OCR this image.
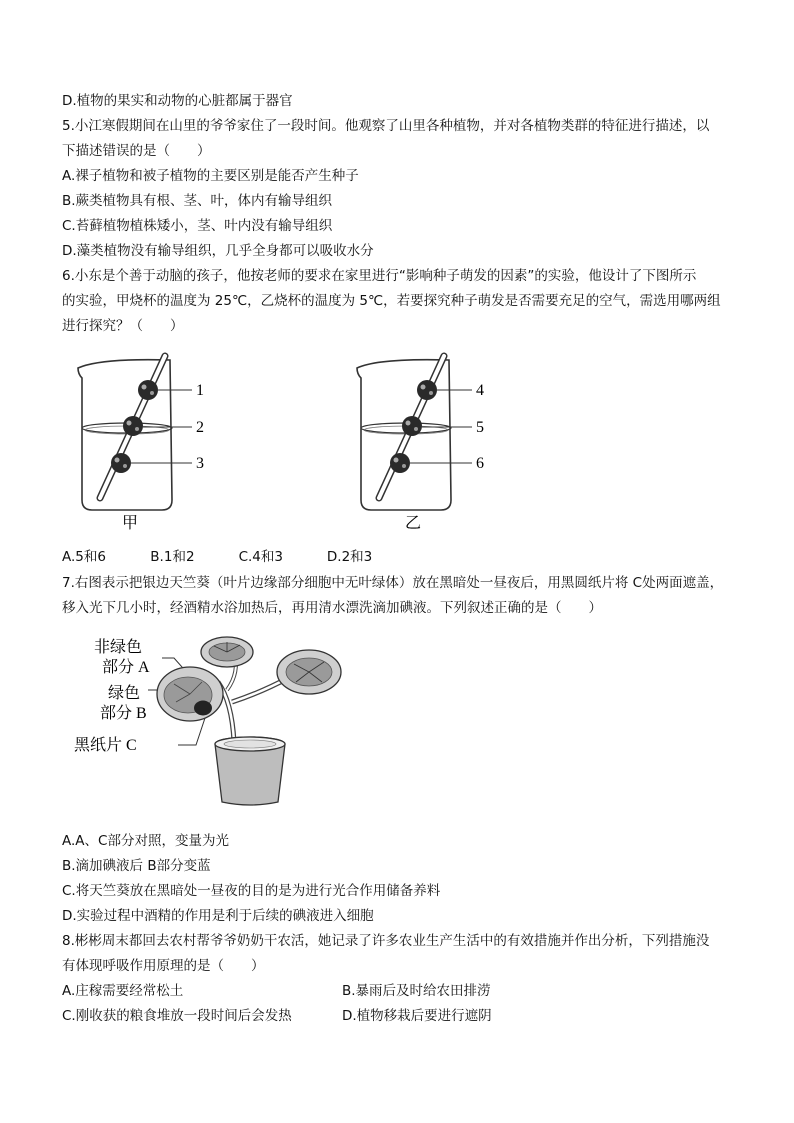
D.植物的果实和动物的心脏都属于器官
5.小江寒假期间在山里的爷爷家住了一段时间。他观察了山里各种植物，并对各植物类群的特征进行描述，以
下描述错误的是（　　）
A.裸子植物和被子植物的主要区别是能否产生种子
B.蕨类植物具有根、茎、叶，体内有输导组织
C.苔藓植物植株矮小，茎、叶内没有输导组织
D.藻类植物没有输导组织，几乎全身都可以吸收水分
6.小东是个善于动脑的孩子，他按老师的要求在家里进行“影响种子萌发的因素”的实验，他设计了下图所示
的实验，甲烧杯的温度为 25℃，乙烧杯的温度为 5℃，若要探究种子萌发是否需要充足的空气，需选用哪两组
进行探究？（　　）
1
2
3
甲
4
5
6
乙
A.5和6	B.1和2	C.4和3	D.2和3
7.右图表示把银边天竺葵（叶片边缘部分细胞中无叶绿体）放在黑暗处一昼夜后，用黑圆纸片将 C处两面遮盖，
移入光下几小时，经酒精水浴加热后，再用清水漂洗滴加碘液。下列叙述正确的是（　　）
非绿色
部分 A
绿色
部分 B
黑纸片 C
A.A、C部分对照，变量为光
B.滴加碘液后 B部分变蓝
C.将天竺葵放在黑暗处一昼夜的目的是为进行光合作用储备养料
D.实验过程中酒精的作用是利于后续的碘液进入细胞
8.彬彬周末都回去农村帮爷爷奶奶干农活，她记录了许多农业生产生活中的有效措施并作出分析，下列措施没
有体现呼吸作用原理的是（　　）
A.庄稼需要经常松土	B.暴雨后及时给农田排涝
C.刚收获的粮食堆放一段时间后会发热	D.植物移栽后要进行遮阴
